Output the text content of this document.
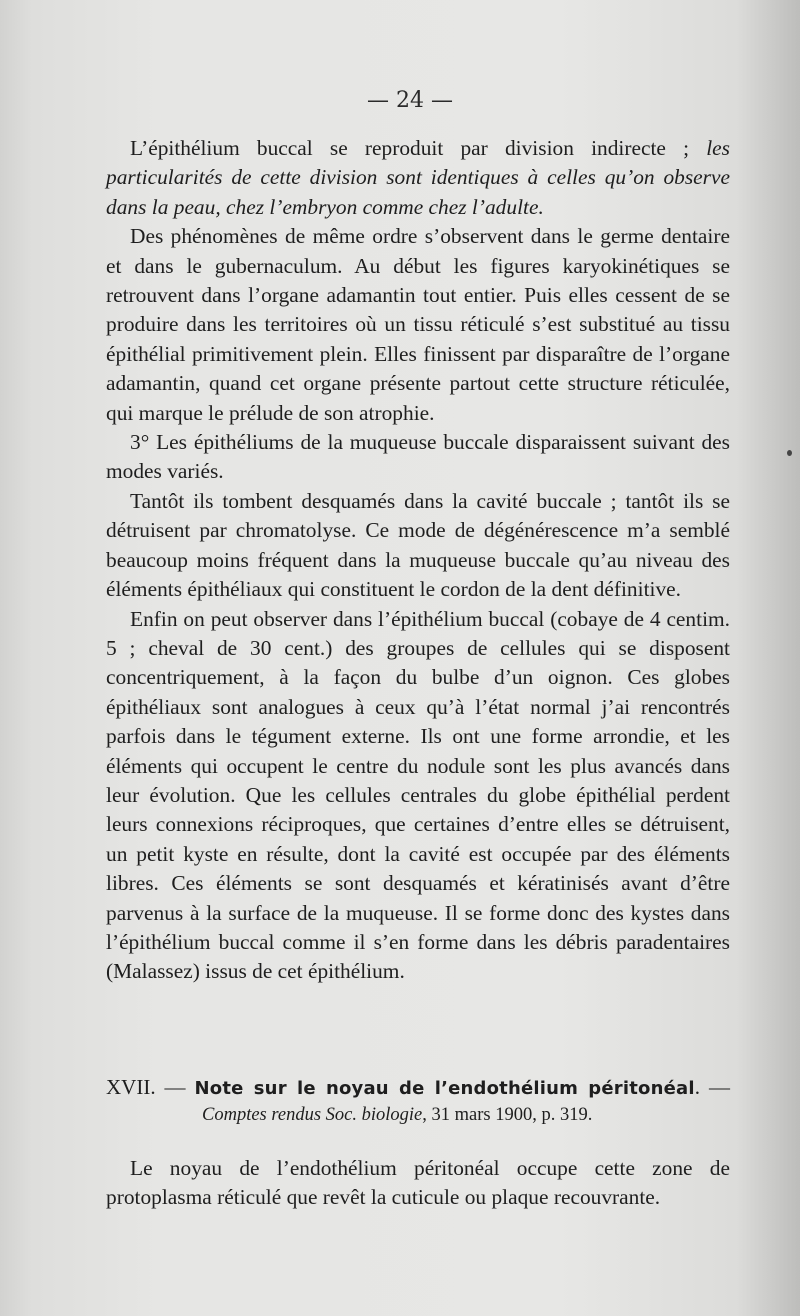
— 24 —

L’épithélium buccal se reproduit par division indirecte ; les particularités de cette division sont identiques à celles qu’on observe dans la peau, chez l’embryon comme chez l’adulte.

Des phénomènes de même ordre s’observent dans le germe dentaire et dans le gubernaculum. Au début les figures karyokinétiques se retrouvent dans l’organe adamantin tout entier. Puis elles cessent de se produire dans les territoires où un tissu réticulé s’est substitué au tissu épithélial primitivement plein. Elles finissent par disparaître de l’organe adamantin, quand cet organe présente partout cette structure réticulée, qui marque le prélude de son atrophie.

3° Les épithéliums de la muqueuse buccale disparaissent suivant des modes variés.

Tantôt ils tombent desquamés dans la cavité buccale ; tantôt ils se détruisent par chromatolyse. Ce mode de dégénérescence m’a semblé beaucoup moins fréquent dans la muqueuse buccale qu’au niveau des éléments épithéliaux qui constituent le cordon de la dent définitive.

Enfin on peut observer dans l’épithélium buccal (cobaye de 4 centim. 5 ; cheval de 30 cent.) des groupes de cellules qui se disposent concentriquement, à la façon du bulbe d’un oignon. Ces globes épithéliaux sont analogues à ceux qu’à l’état normal j’ai rencontrés parfois dans le tégument externe. Ils ont une forme arrondie, et les éléments qui occupent le centre du nodule sont les plus avancés dans leur évolution. Que les cellules centrales du globe épithélial perdent leurs connexions réciproques, que certaines d’entre elles se détruisent, un petit kyste en résulte, dont la cavité est occupée par des éléments libres. Ces éléments se sont desquamés et kératinisés avant d’être parvenus à la surface de la muqueuse. Il se forme donc des kystes dans l’épithélium buccal comme il s’en forme dans les débris paradentaires (Malassez) issus de cet épithélium.

XVII. — Note sur le noyau de l’endothélium péritonéal. —
Comptes rendus Soc. biologie, 31 mars 1900, p. 319.

Le noyau de l’endothélium péritonéal occupe cette zone de protoplasma réticulé que revêt la cuticule ou plaque recouvrante.
